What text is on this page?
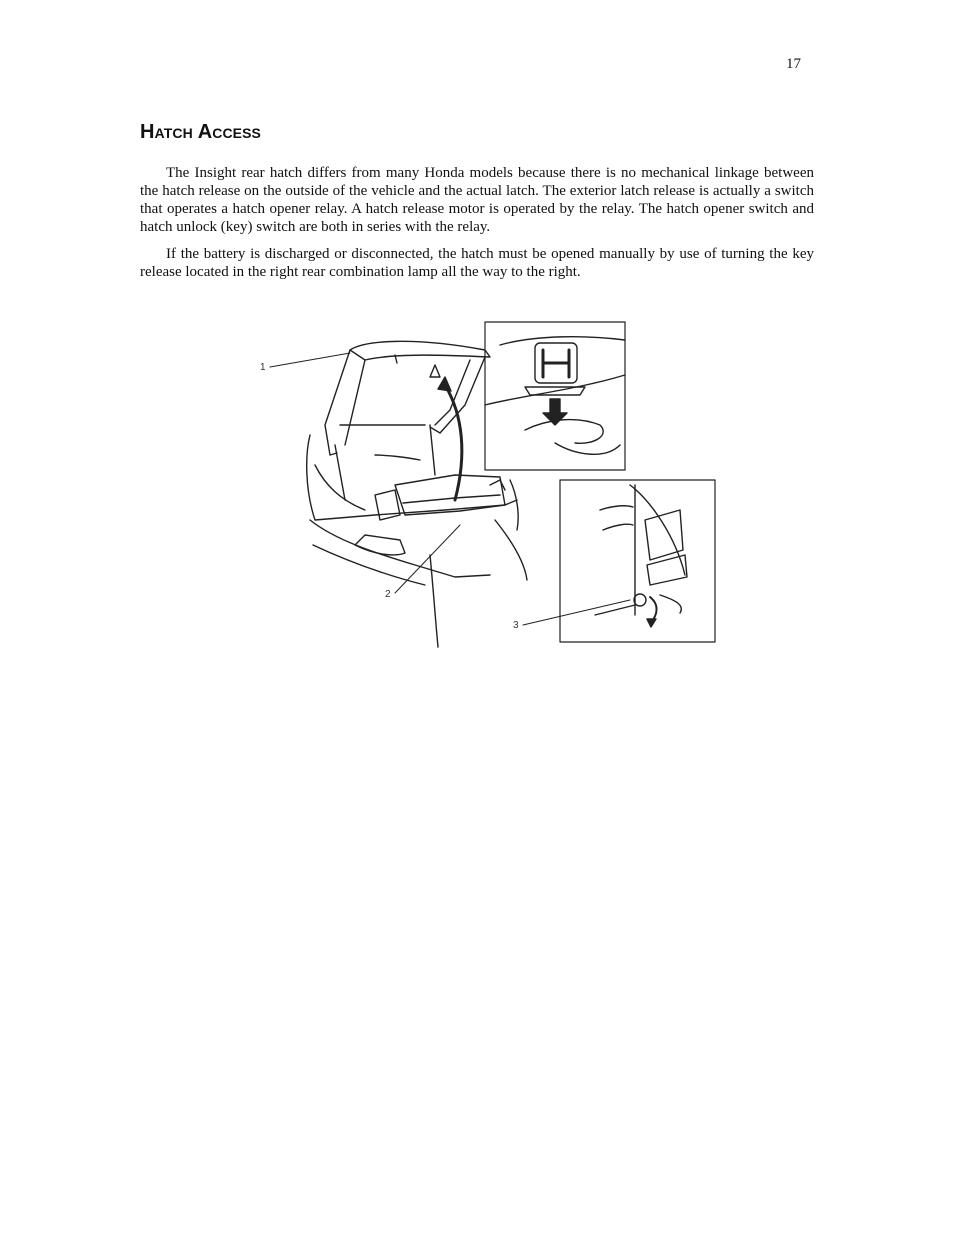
17
Hatch Access

The Insight rear hatch differs from many Honda models because there is no mechanical linkage between the hatch release on the outside of the vehicle and the actual latch. The exterior latch release is actually a switch that operates a hatch opener relay. A hatch release motor is operated by the relay. The hatch opener switch and hatch unlock (key) switch are both in series with the relay.

If the battery is discharged or disconnected, the hatch must be opened manually by use of turning the key release located in the right rear combination lamp all the way to the right.

1
2
3
